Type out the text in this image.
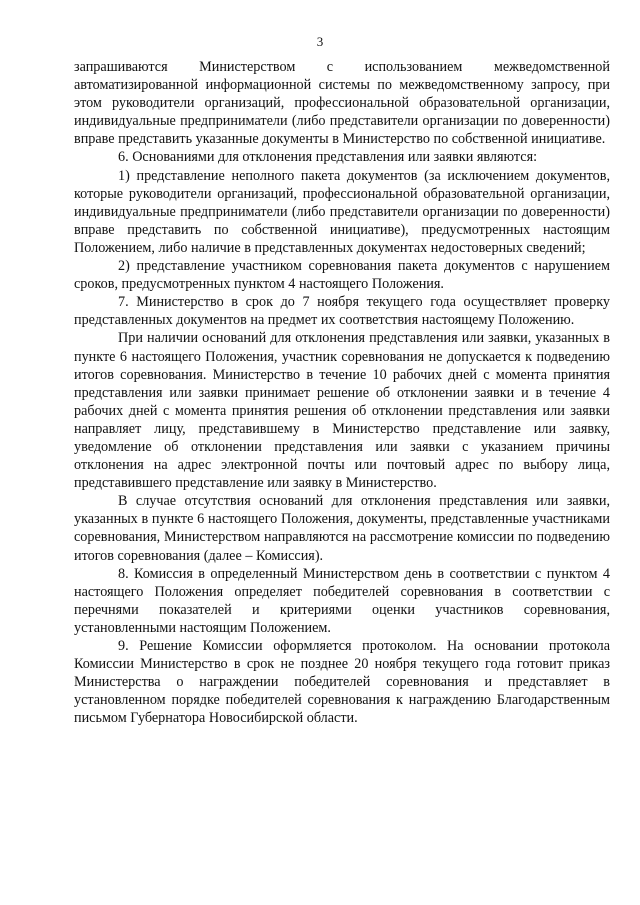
3

запрашиваются Министерством с использованием межведомственной автоматизированной информационной системы по межведомственному запросу, при этом руководители организаций, профессиональной образовательной организации, индивидуальные предприниматели (либо представители организации по доверенности) вправе представить указанные документы в Министерство по собственной инициативе.

6. Основаниями для отклонения представления или заявки являются:

1) представление неполного пакета документов (за исключением документов, которые руководители организаций, профессиональной образовательной организации, индивидуальные предприниматели (либо представители организации по доверенности) вправе представить по собственной инициативе), предусмотренных настоящим Положением, либо наличие в представленных документах недостоверных сведений;

2) представление участником соревнования пакета документов с нарушением сроков, предусмотренных пунктом 4 настоящего Положения.

7. Министерство в срок до 7 ноября текущего года осуществляет проверку представленных документов на предмет их соответствия настоящему Положению.

При наличии оснований для отклонения представления или заявки, указанных в пункте 6 настоящего Положения, участник соревнования не допускается к подведению итогов соревнования. Министерство в течение 10 рабочих дней с момента принятия представления или заявки принимает решение об отклонении заявки и в течение 4 рабочих дней с момента принятия решения об отклонении представления или заявки направляет лицу, представившему в Министерство представление или заявку, уведомление об отклонении представления или заявки с указанием причины отклонения на адрес электронной почты или почтовый адрес по выбору лица, представившего представление или заявку в Министерство.

В случае отсутствия оснований для отклонения представления или заявки, указанных в пункте 6 настоящего Положения, документы, представленные участниками соревнования, Министерством направляются на рассмотрение комиссии по подведению итогов соревнования (далее – Комиссия).

8. Комиссия в определенный Министерством день в соответствии с пунктом 4 настоящего Положения определяет победителей соревнования в соответствии с перечнями показателей и критериями оценки участников соревнования, установленными настоящим Положением.

9. Решение Комиссии оформляется протоколом. На основании протокола Комиссии Министерство в срок не позднее 20 ноября текущего года готовит приказ Министерства о награждении победителей соревнования и представляет в установленном порядке победителей соревнования к награждению Благодарственным письмом Губернатора Новосибирской области.
